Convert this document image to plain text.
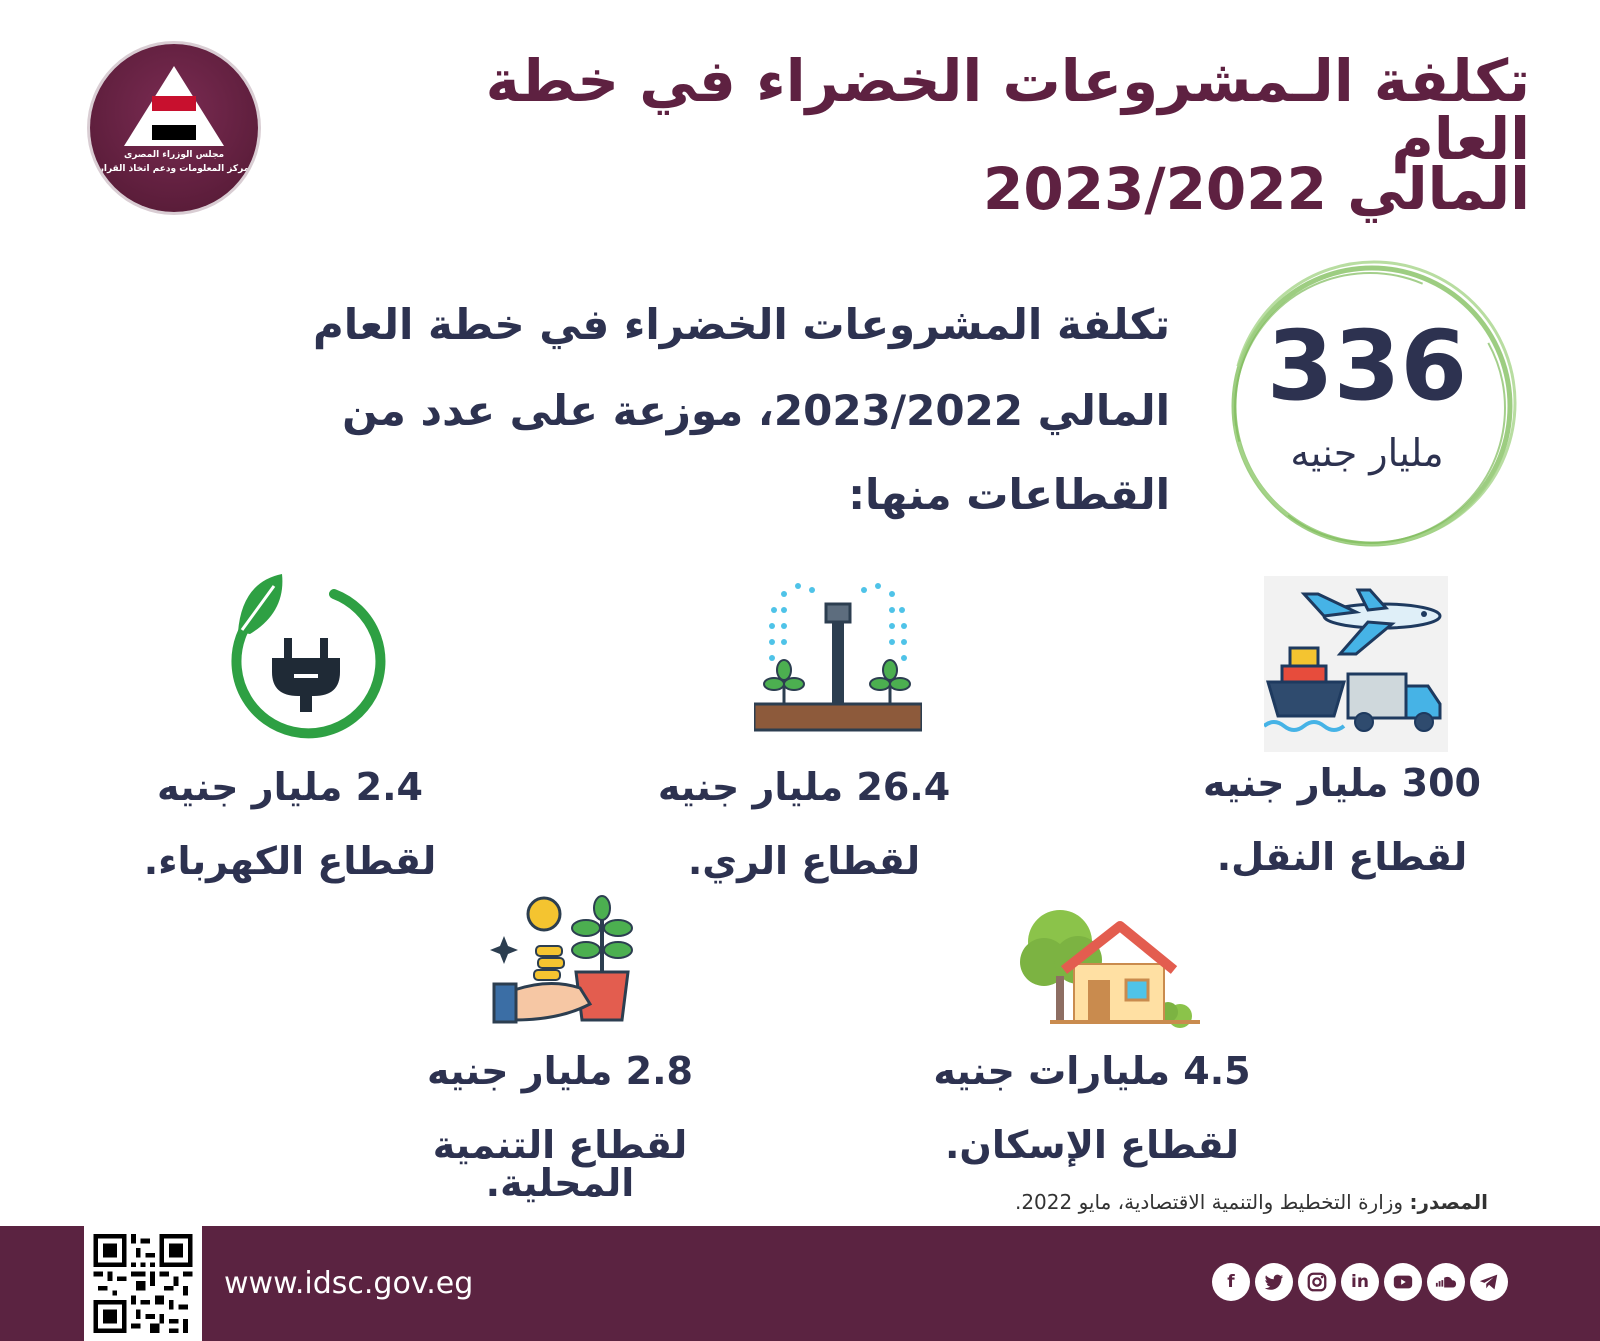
تكلفة الـمشروعات الخضراء في خطة العام
المالي 2023/2022
مجلس الوزراء المصرى
مركز المعلومات ودعم اتخاذ القرار
تكلفة المشروعات الخضراء في خطة العام
المالي 2023/2022، موزعة على عدد من
القطاعات منها:
336
مليار جنيه
300 مليار جنيه
لقطاع النقل.
26.4 مليار جنيه
لقطاع الري.
2.4 مليار جنيه
لقطاع الكهرباء.
4.5 مليارات جنيه
لقطاع الإسكان.
2.8 مليار جنيه
لقطاع التنمية المحلية.	المصدر: وزارة التخطيط والتنمية الاقتصادية، مايو 2022.
www.idsc.gov.eg	f	in
